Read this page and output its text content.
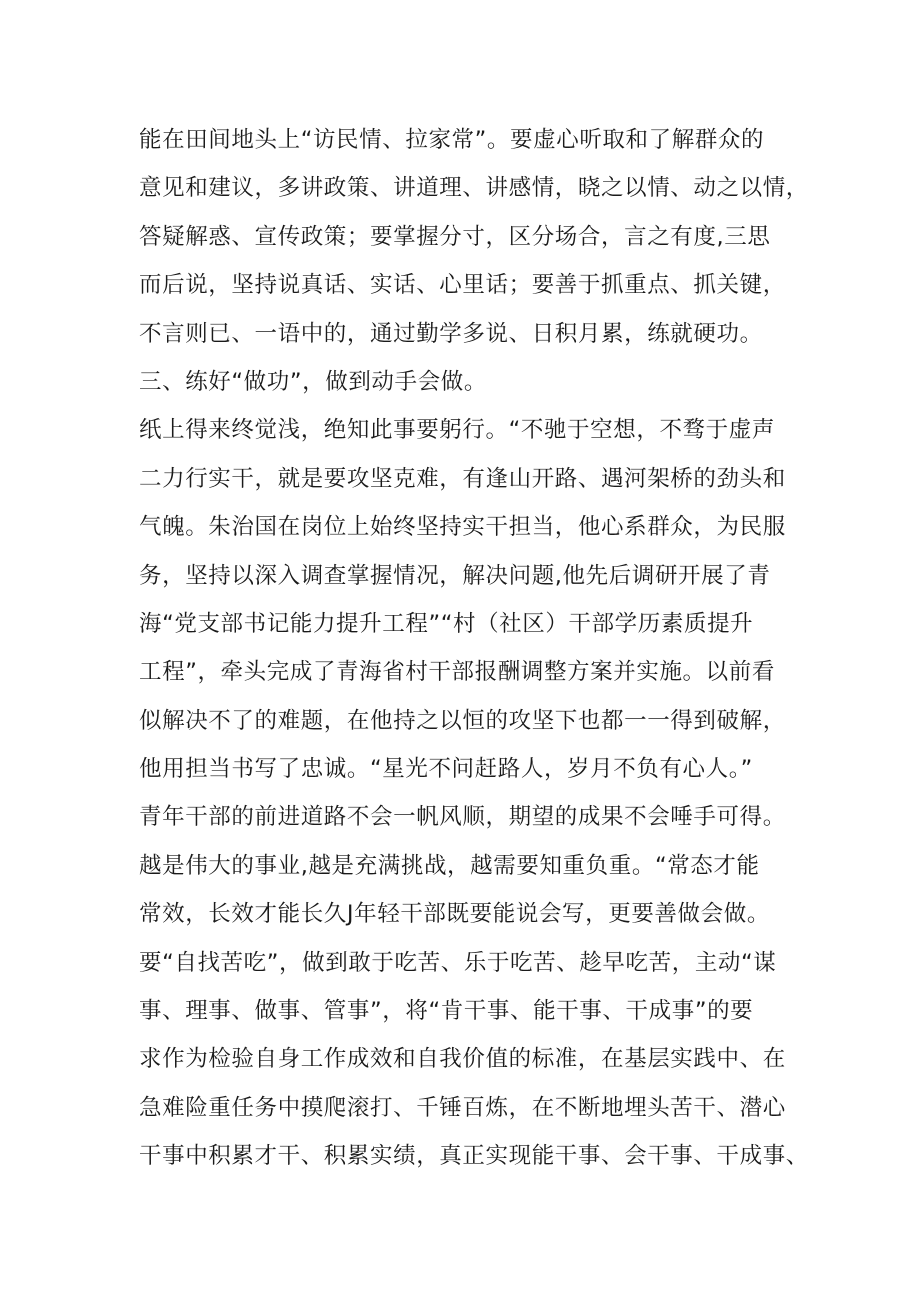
能在田间地头上“访民情、拉家常”。要虚心听取和了解群众的
意见和建议，多讲政策、讲道理、讲感情，晓之以情、动之以情，
答疑解惑、宣传政策；要掌握分寸，区分场合，言之有度,三思
而后说，坚持说真话、实话、心里话；要善于抓重点、抓关键，
不言则已、一语中的，通过勤学多说、日积月累，练就硬功。
三、练好“做功”，做到动手会做。
纸上得来终觉浅，绝知此事要躬行。“不驰于空想，不骛于虚声
二力行实干，就是要攻坚克难，有逢山开路、遇河架桥的劲头和
气魄。朱治国在岗位上始终坚持实干担当，他心系群众，为民服
务，坚持以深入调查掌握情况，解决问题,他先后调研开展了青
海“党支部书记能力提升工程”“村（社区）干部学历素质提升
工程”，牵头完成了青海省村干部报酬调整方案并实施。以前看
似解决不了的难题，在他持之以恒的攻坚下也都一一得到破解，
他用担当书写了忠诚。“星光不问赶路人，岁月不负有心人。”
青年干部的前进道路不会一帆风顺，期望的成果不会唾手可得。
越是伟大的事业,越是充满挑战，越需要知重负重。“常态才能
常效，长效才能长久J年轻干部既要能说会写，更要善做会做。
要“自找苦吃”，做到敢于吃苦、乐于吃苦、趁早吃苦，主动“谋
事、理事、做事、管事”，将“肯干事、能干事、干成事”的要
求作为检验自身工作成效和自我价值的标准，在基层实践中、在
急难险重任务中摸爬滚打、千锤百炼，在不断地埋头苦干、潜心
干事中积累才干、积累实绩，真正实现能干事、会干事、干成事、
